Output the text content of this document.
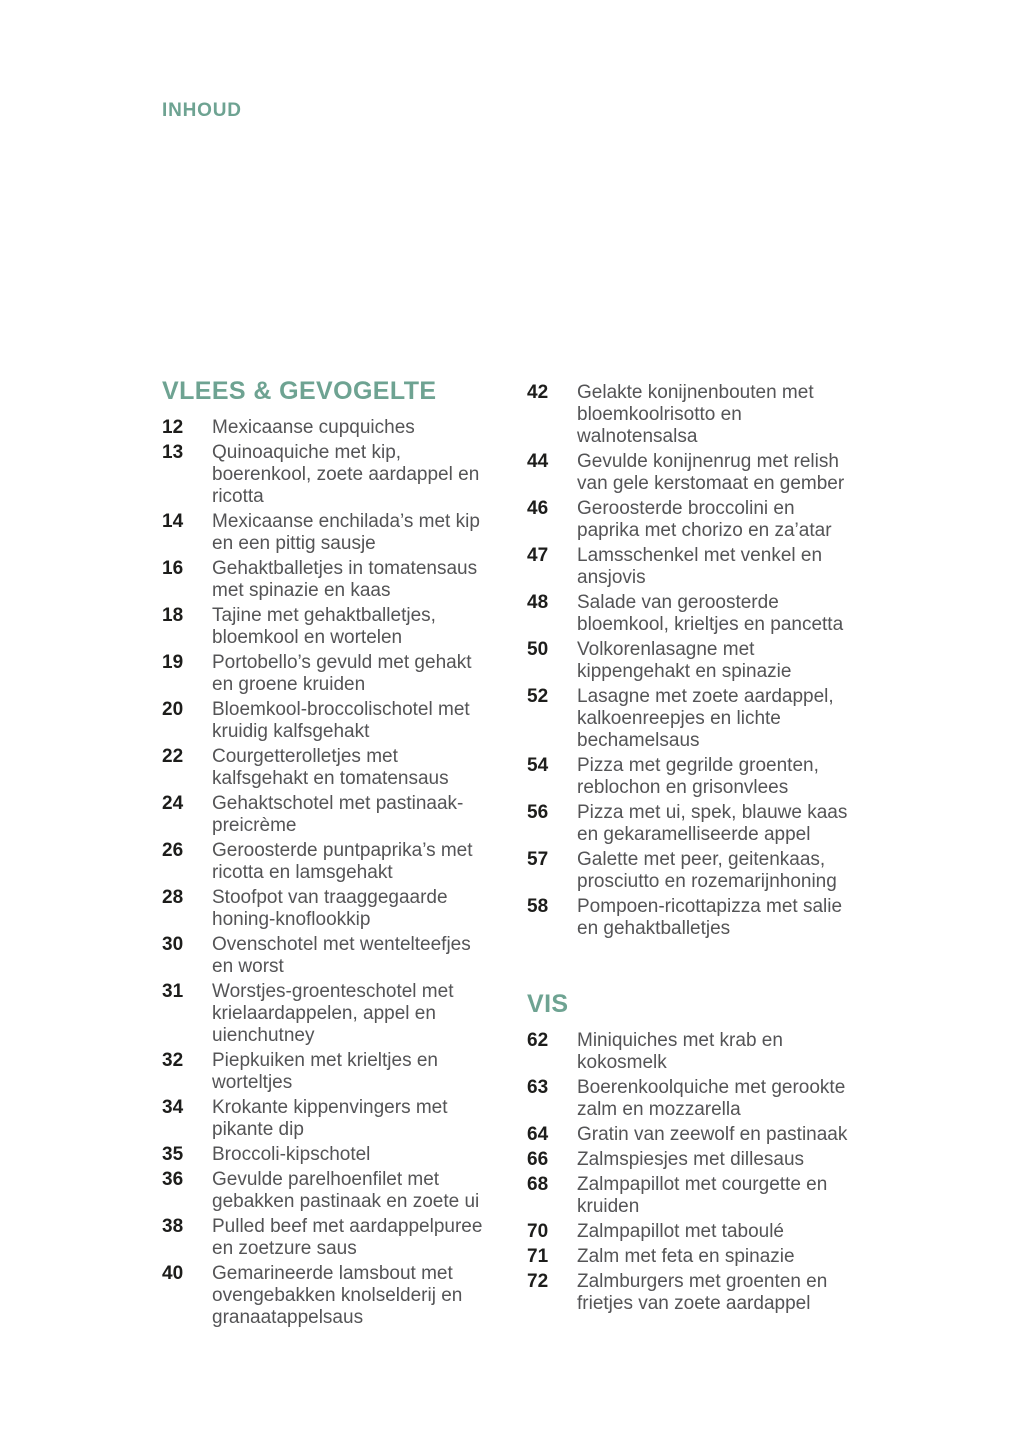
INHOUD
VLEES & GEVOGELTE
12	Mexicaanse cupquiches
13	Quinoaquiche met kip, boerenkool, zoete aardappel en ricotta
14	Mexicaanse enchilada’s met kip en een pittig sausje
16	Gehaktballetjes in tomatensaus met spinazie en kaas
18	Tajine met gehaktballetjes, bloemkool en wortelen
19	Portobello’s gevuld met gehakt en groene kruiden
20	Bloemkool-broccolischotel met kruidig kalfsgehakt
22	Courgetterolletjes met kalfsgehakt en tomatensaus
24	Gehaktschotel met pastinaak-preicrème
26	Geroosterde puntpaprika’s met ricotta en lamsgehakt
28	Stoofpot van traaggegaarde honing-knoflookkip
30	Ovenschotel met wentelteefjes en worst
31	Worstjes-groenteschotel met krielaardappelen, appel en uienchutney
32	Piepkuiken met krieltjes en worteltjes
34	Krokante kippenvingers met pikante dip
35	Broccoli-kipschotel
36	Gevulde parelhoenfilet met gebakken pastinaak en zoete ui
38	Pulled beef met aardappelpuree en zoetzure saus
40	Gemarineerde lamsbout met ovengebakken knolselderij en granaatappelsaus
42	Gelakte konijnenbouten met bloemkoolrisotto en walnotensalsa
44	Gevulde konijnenrug met relish van gele kerstomaat en gember
46	Geroosterde broccolini en paprika met chorizo en za’atar
47	Lamsschenkel met venkel en ansjovis
48	Salade van geroosterde bloemkool, krieltjes en pancetta
50	Volkorenlasagne met kippengehakt en spinazie
52	Lasagne met zoete aardappel, kalkoenreepjes en lichte bechamelsaus
54	Pizza met gegrilde groenten, reblochon en grisonvlees
56	Pizza met ui, spek, blauwe kaas en gekaramelliseerde appel
57	Galette met peer, geitenkaas, prosciutto en rozemarijnhoning
58	Pompoen-ricottapizza met salie en gehaktballetjes
VIS
62	Miniquiches met krab en kokosmelk
63	Boerenkoolquiche met gerookte zalm en mozzarella
64	Gratin van zeewolf en pastinaak
66	Zalmspiesjes met dillesaus
68	Zalmpapillot met courgette en kruiden
70	Zalmpapillot met taboulé
71	Zalm met feta en spinazie
72	Zalmburgers met groenten en frietjes van zoete aardappel
